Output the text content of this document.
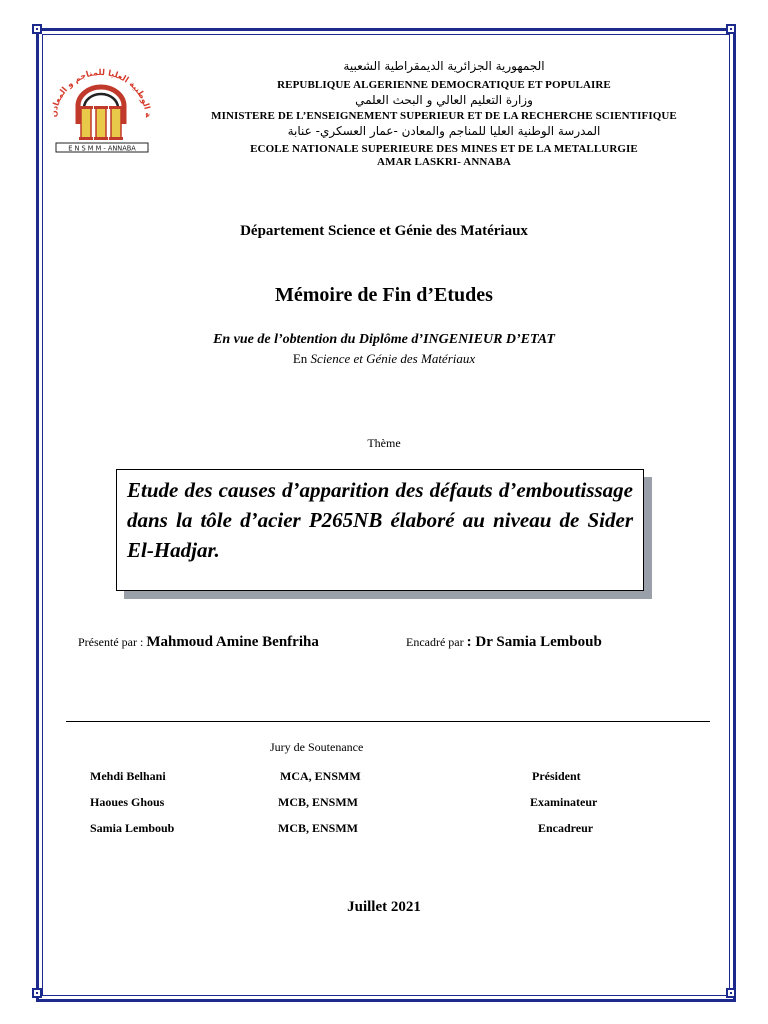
ة الوطنية العليا للمناجم و المعادن
E N S M M - ANNABA
الجمهورية الجزائرية الديمقراطية الشعبية
REPUBLIQUE ALGERIENNE DEMOCRATIQUE ET POPULAIRE
وزارة التعليم العالي و البحث العلمي
MINISTERE DE L’ENSEIGNEMENT SUPERIEUR ET DE LA RECHERCHE SCIENTIFIQUE
المدرسة الوطنية العليا للمناجم والمعادن -عمار العسكري- عنابة
ECOLE NATIONALE SUPERIEURE DES MINES ET DE LA METALLURGIE
AMAR LASKRI- ANNABA
Département Science et Génie des Matériaux
Mémoire de Fin d’Etudes
En vue de l’obtention du Diplôme d’INGENIEUR D’ETAT
En Science et Génie des Matériaux
Thème

Etude des causes d’apparition des défauts d’emboutissage dans la tôle d’acier P265NB élaboré au niveau de Sider El-Hadjar.

Présenté par : Mahmoud Amine Benfriha	Encadré par : Dr Samia Lemboub
Jury de Soutenance
Mehdi Belhani	MCA, ENSMM	Président
Haoues Ghous	MCB, ENSMM	Examinateur
Samia Lemboub	MCB, ENSMM	Encadreur
Juillet 2021
